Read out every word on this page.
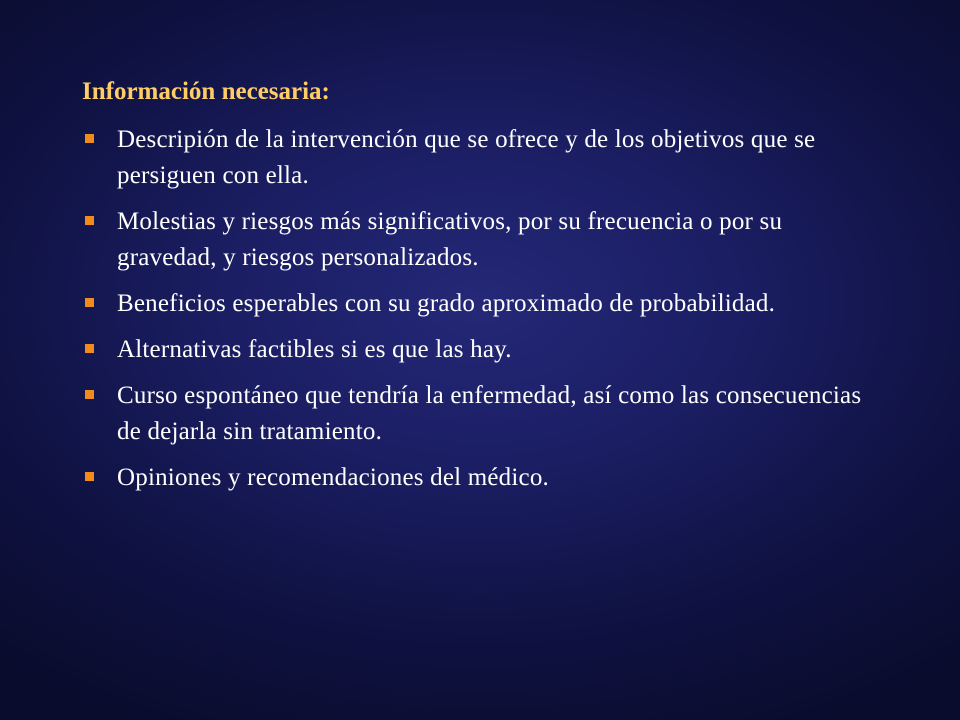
Información necesaria:
Descripión de la intervención que se ofrece y de los objetivos que se persiguen con ella.
Molestias y riesgos más significativos, por su frecuencia o por su gravedad, y riesgos personalizados.
Beneficios esperables con su grado aproximado de probabilidad.
Alternativas factibles si es que las hay.
Curso espontáneo que tendría la enfermedad, así como las consecuencias de dejarla sin tratamiento.
Opiniones y recomendaciones del médico.
